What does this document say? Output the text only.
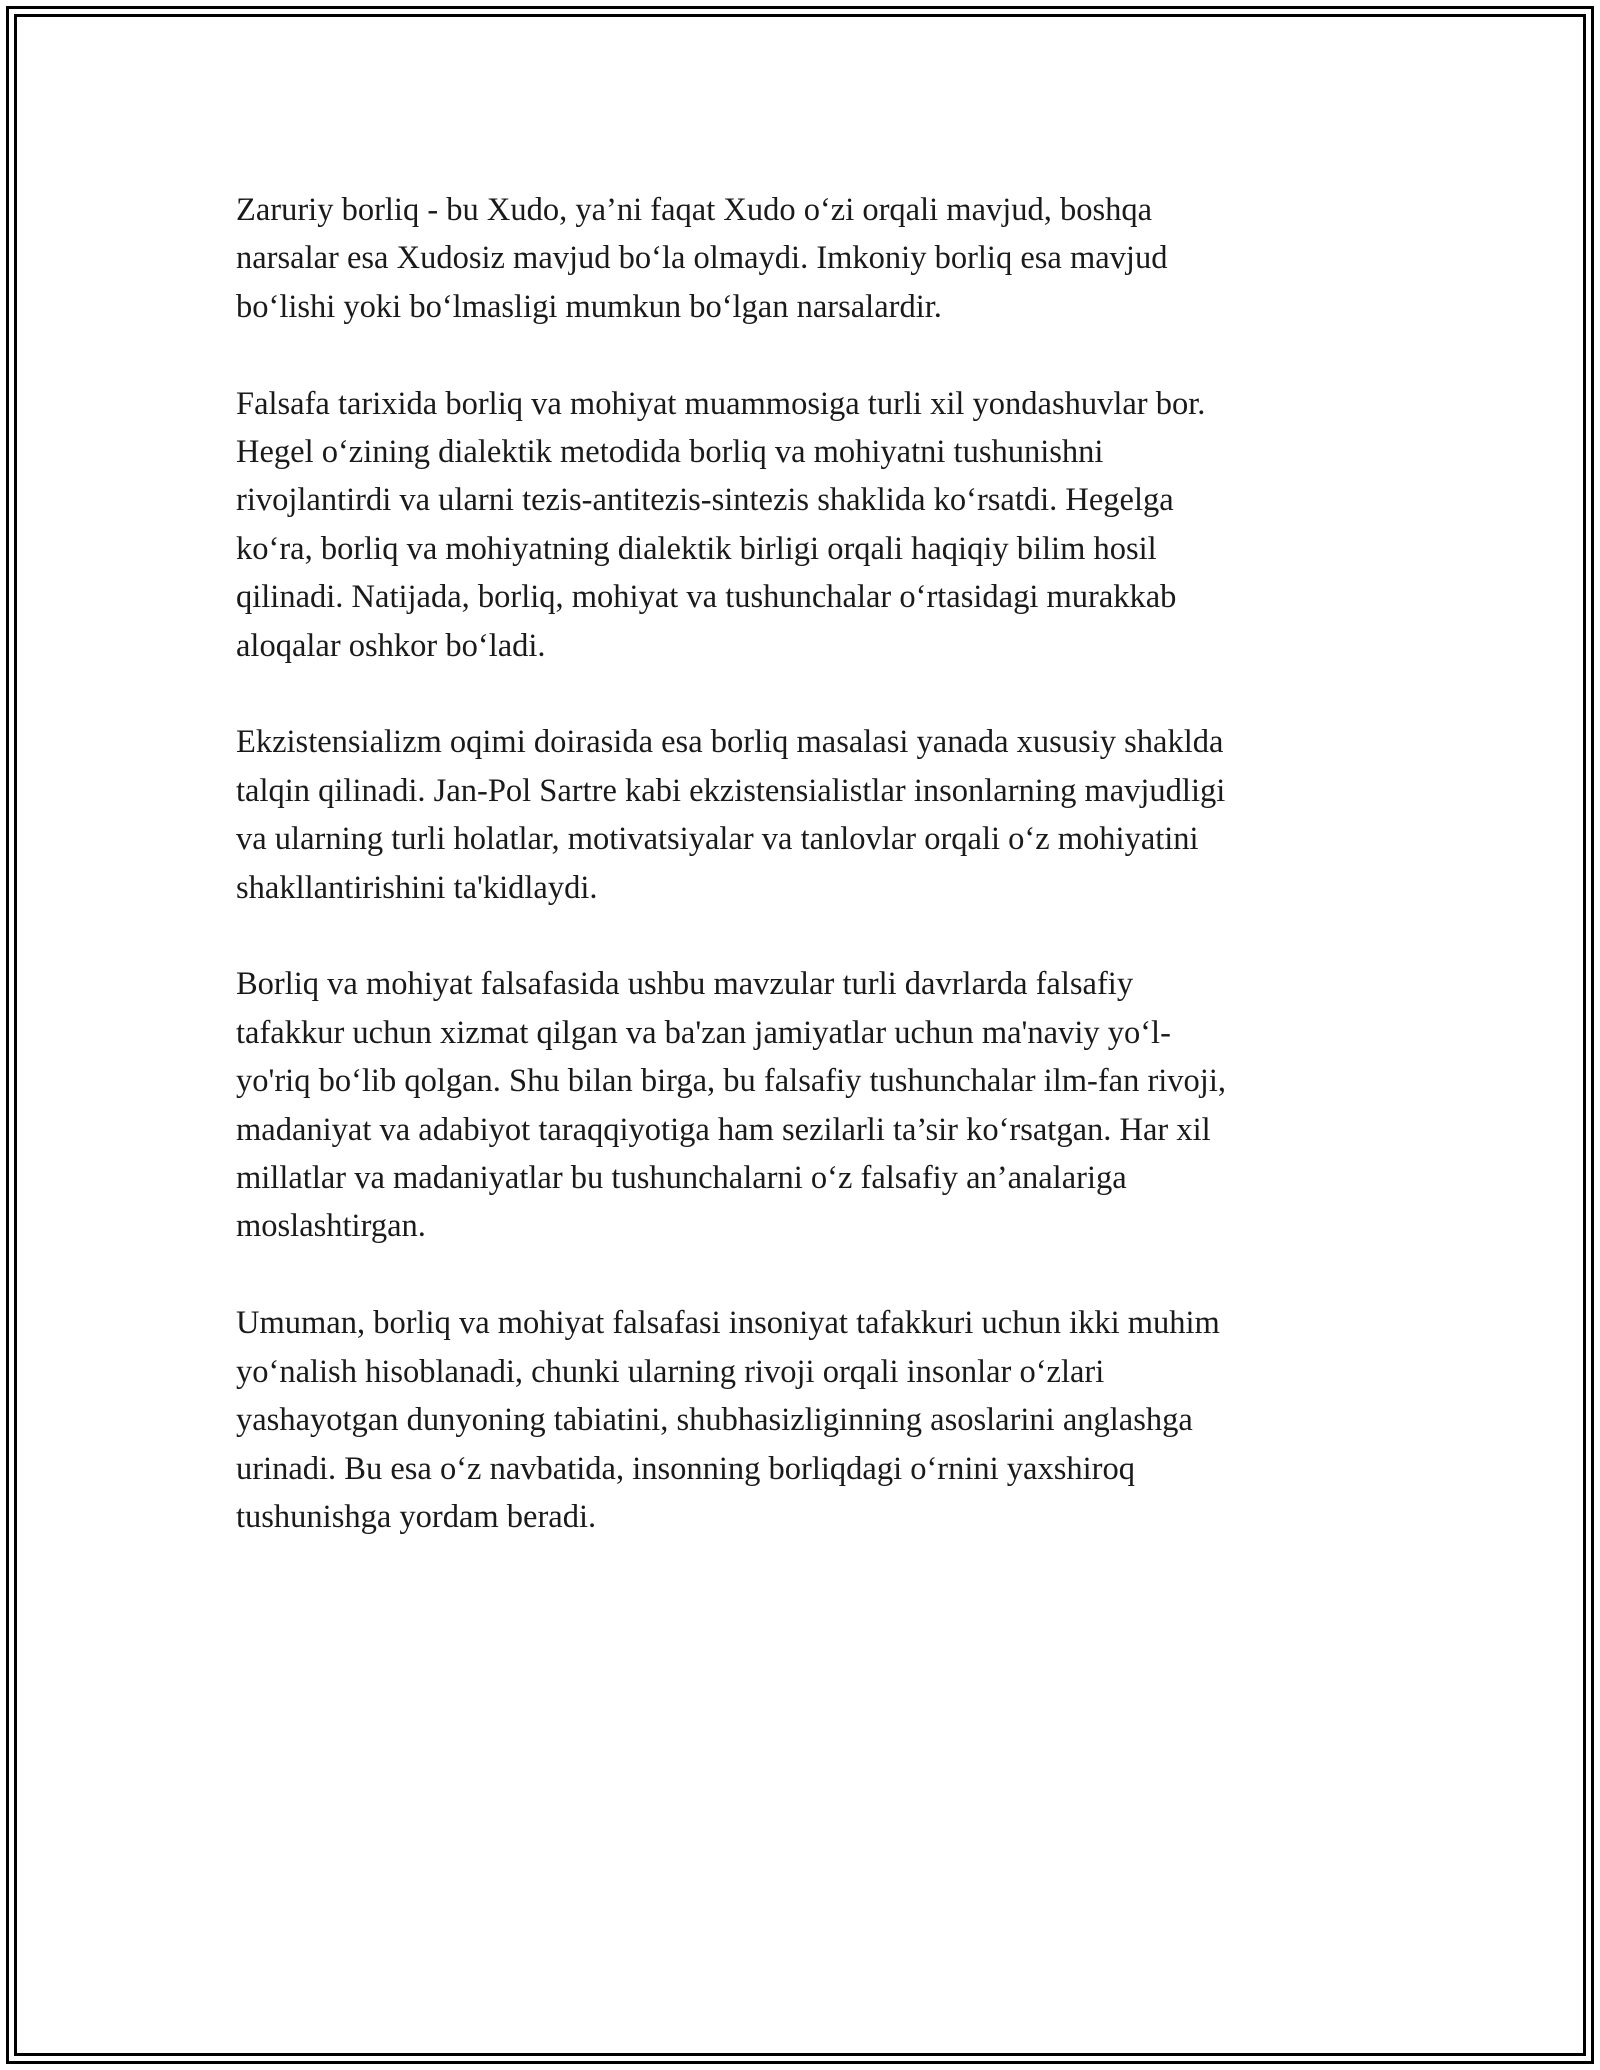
Zaruriy borliq - bu Xudo, ya’ni faqat Xudo o‘zi orqali mavjud, boshqa
narsalar esa Xudosiz mavjud bo‘la olmaydi. Imkoniy borliq esa mavjud
bo‘lishi yoki bo‘lmasligi mumkun bo‘lgan narsalardir.

Falsafa tarixida borliq va mohiyat muammosiga turli xil yondashuvlar bor.
Hegel o‘zining dialektik metodida borliq va mohiyatni tushunishni
rivojlantirdi va ularni tezis-antitezis-sintezis shaklida ko‘rsatdi. Hegelga
ko‘ra, borliq va mohiyatning dialektik birligi orqali haqiqiy bilim hosil
qilinadi. Natijada, borliq, mohiyat va tushunchalar o‘rtasidagi murakkab
aloqalar oshkor bo‘ladi.

Ekzistensializm oqimi doirasida esa borliq masalasi yanada xususiy shaklda
talqin qilinadi. Jan-Pol Sartre kabi ekzistensialistlar insonlarning mavjudligi
va ularning turli holatlar, motivatsiyalar va tanlovlar orqali o‘z mohiyatini
shakllantirishini ta'kidlaydi.

Borliq va mohiyat falsafasida ushbu mavzular turli davrlarda falsafiy
tafakkur uchun xizmat qilgan va ba'zan jamiyatlar uchun ma'naviy yo‘l-
yo'riq bo‘lib qolgan. Shu bilan birga, bu falsafiy tushunchalar ilm-fan rivoji,
madaniyat va adabiyot taraqqiyotiga ham sezilarli ta’sir ko‘rsatgan. Har xil
millatlar va madaniyatlar bu tushunchalarni o‘z falsafiy an’analariga
moslashtirgan.

Umuman, borliq va mohiyat falsafasi insoniyat tafakkuri uchun ikki muhim
yo‘nalish hisoblanadi, chunki ularning rivoji orqali insonlar o‘zlari
yashayotgan dunyoning tabiatini, shubhasizliginning asoslarini anglashga
urinadi. Bu esa o‘z navbatida, insonning borliqdagi o‘rnini yaxshiroq
tushunishga yordam beradi.
